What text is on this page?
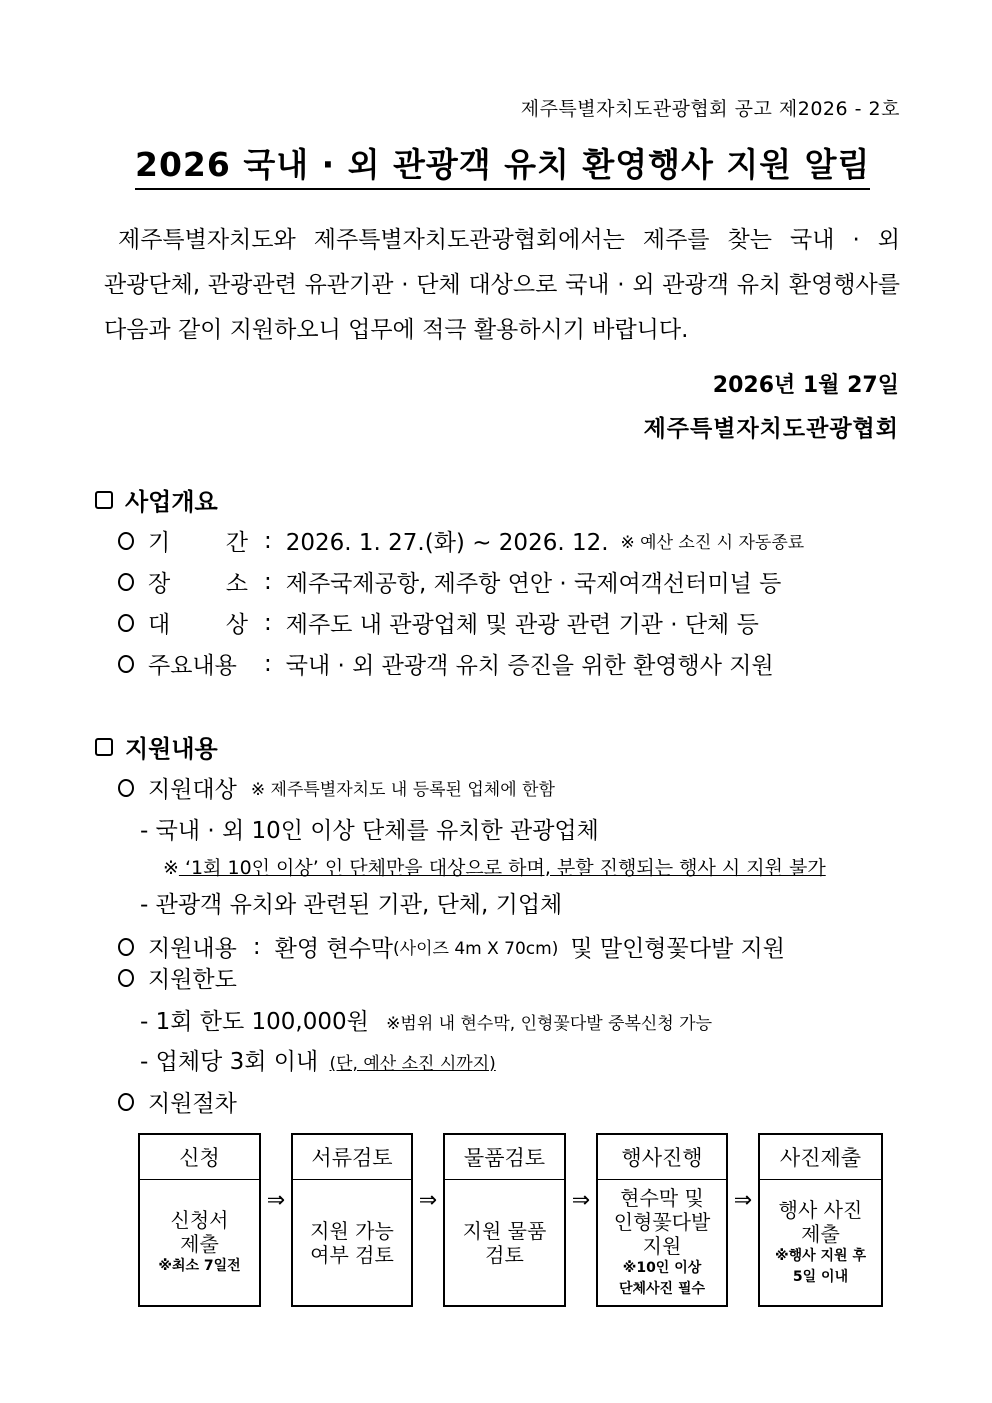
제주특별자치도관광협회 공고 제2026 - 2호
2026 국내 · 외 관광객 유치 환영행사 지원 알림
제주특별자치도와 제주특별자치도관광협회에서는 제주를 찾는 국내 · 외
관광단체, 관광관련 유관기관 · 단체 대상으로 국내 · 외 관광객 유치 환영행사를
다음과 같이 지원하오니 업무에 적극 활용하시기 바랍니다.
2026년 1월 27일
제주특별자치도관광협회
사업개요
기 간 : 2026. 1. 27.(화) ~ 2026. 12. ※ 예산 소진 시 자동종료
장 소 : 제주국제공항, 제주항 연안 · 국제여객선터미널 등
대 상 : 제주도 내 관광업체 및 관광 관련 기관 · 단체 등
주요내용	: 국내 · 외 관광객 유치 증진을 위한 환영행사 지원
지원내용
지원대상 ※ 제주특별자치도 내 등록된 업체에 한함
- 국내 · 외 10인 이상 단체를 유치한 관광업체
※ ‘1회 10인 이상’ 인 단체만을 대상으로 하며, 분할 진행되는 행사 시 지원 불가
- 관광객 유치와 관련된 기관, 단체, 기업체
지원내용 : 환영 현수막 (사이즈 4m X 70cm) 및 말인형꽃다발 지원
지원한도
- 1회 한도 100,000원 ※범위 내 현수막, 인형꽃다발 중복신청 가능
- 업체당 3회 이내 (단, 예산 소진 시까지)
지원절차
신청
신청서
제출
※최소 7일전
⇒
서류검토
지원 가능
여부 검토
⇒
물품검토
지원 물품
검토
⇒
행사진행
현수막 및
인형꽃다발
지원
※10인 이상
단체사진 필수
⇒
사진제출
행사 사진
제출
※행사 지원 후
5일 이내
